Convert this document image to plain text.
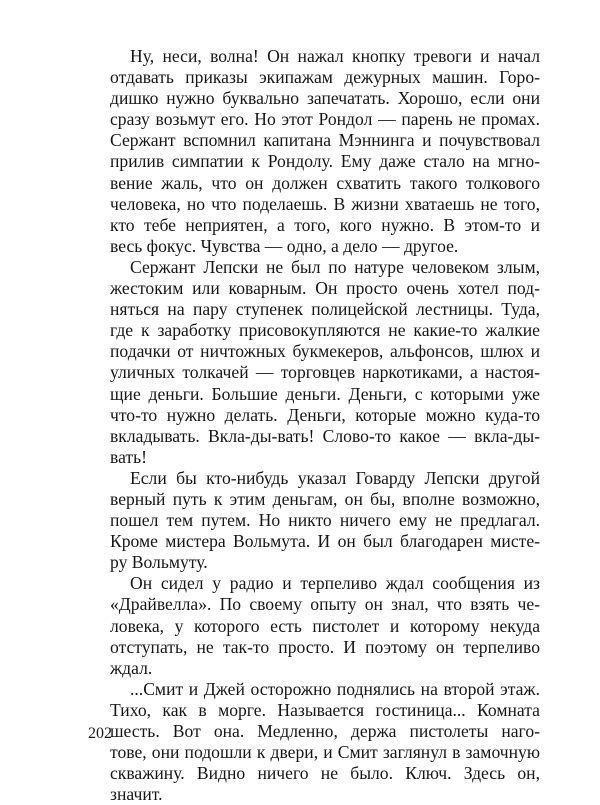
Ну, неси, волна! Он нажал кнопку тревоги и начал
отдавать приказы экипажам дежурных машин. Горо-
дишко нужно буквально запечатать. Хорошо, если они
сразу возьмут его. Но этот Рондол — парень не промах.
Сержант вспомнил капитана Мэннинга и почувствовал
прилив симпатии к Рондолу. Ему даже стало на мгно-
вение жаль, что он должен схватить такого толкового
человека, но что поделаешь. В жизни хватаешь не того,
кто тебе неприятен, а того, кого нужно. В этом-то и
весь фокус. Чувства — одно, а дело — другое.

Сержант Лепски не был по натуре человеком злым,
жестоким или коварным. Он просто очень хотел под-
няться на пару ступенек полицейской лестницы. Туда,
где к заработку присовокупляются не какие-то жалкие
подачки от ничтожных букмекеров, альфонсов, шлюх и
уличных толкачей — торговцев наркотиками, а настоя-
щие деньги. Большие деньги. Деньги, с которыми уже
что-то нужно делать. Деньги, которые можно куда-то
вкладывать. Вкла-ды-вать! Слово-то какое — вкла-ды-
вать!

Если бы кто-нибудь указал Говарду Лепски другой
верный путь к этим деньгам, он бы, вполне возможно,
пошел тем путем. Но никто ничего ему не предлагал.
Кроме мистера Вольмута. И он был благодарен мисте-
ру Вольмуту.

Он сидел у радио и терпеливо ждал сообщения из
«Драйвелла». По своему опыту он знал, что взять че-
ловека, у которого есть пистолет и которому некуда
отступать, не так-то просто. И поэтому он терпеливо
ждал.

...Смит и Джей осторожно поднялись на второй этаж.
Тихо, как в морге. Называется гостиница... Комната
шесть. Вот она. Медленно, держа пистолеты наго-
тове, они подошли к двери, и Смит заглянул в замочную
скважину. Видно ничего не было. Ключ. Здесь он,
значит.

202
